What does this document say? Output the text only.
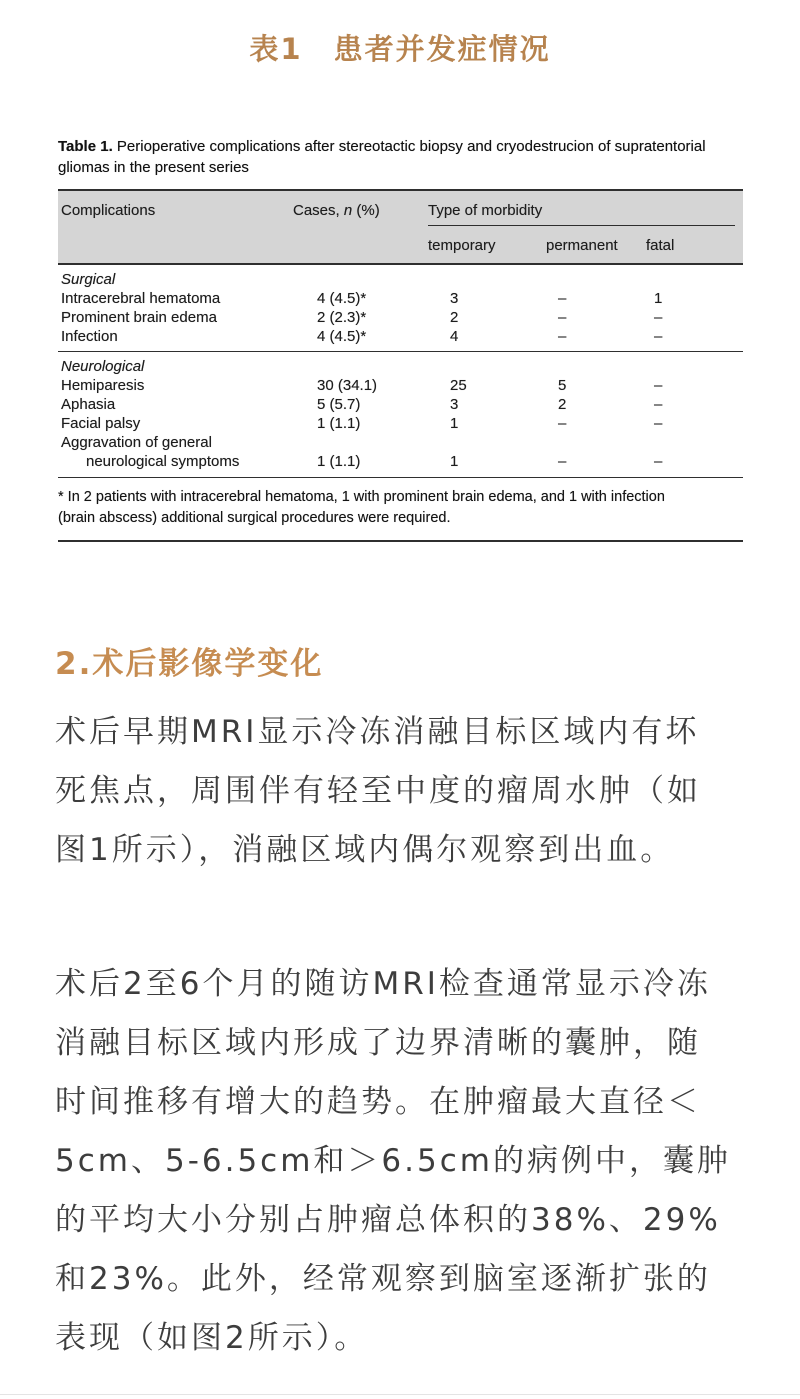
表1　患者并发症情况
Table 1. Perioperative complications after stereotactic biopsy and cryodestrucion of supratentorial gliomas in the present series
Complications	Cases, n (%)	Type of morbidity
temporary	permanent	fatal
Surgical
Intracerebral hematoma	4 (4.5)*	3	–	1
Prominent brain edema	2 (2.3)*	2	–	–
Infection	4 (4.5)*	4	–	–
Neurological
Hemiparesis	30 (34.1)	25	5	–
Aphasia	5 (5.7)	3	2	–
Facial palsy	1 (1.1)	1	–	–
Aggravation of general
neurological symptoms	1 (1.1)	1	–	–
* In 2 patients with intracerebral hematoma, 1 with prominent brain edema, and 1 with infection
(brain abscess) additional surgical procedures were required.
2.术后影像学变化
术后早期MRI显示冷冻消融目标区域内有坏
死焦点，周围伴有轻至中度的瘤周水肿（如
图1所示），消融区域内偶尔观察到出血。
术后2至6个月的随访MRI检查通常显示冷冻
消融目标区域内形成了边界清晰的囊肿，随
时间推移有增大的趋势。在肿瘤最大直径＜
5cm、5-6.5cm和＞6.5cm的病例中，囊肿
的平均大小分别占肿瘤总体积的38%、29%
和23%。此外，经常观察到脑室逐渐扩张的
表现（如图2所示）。
